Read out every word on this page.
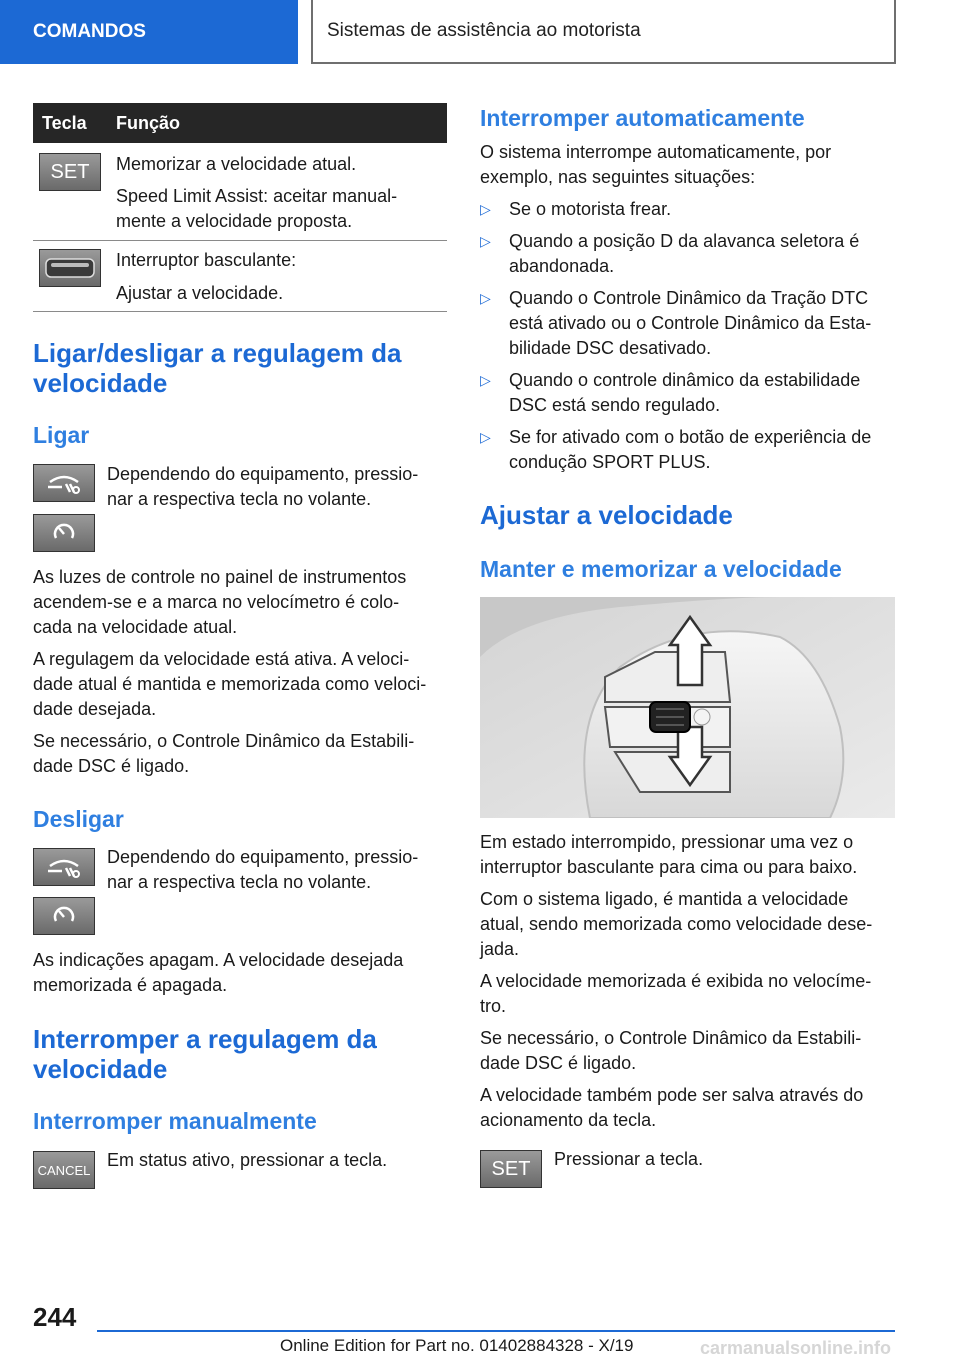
COMANDOS	Sistemas de assistência ao motorista
Tecla Função
SET Memorizar a velocidade atual.

Speed Limit Assist: aceitar manual-

mente a velocidade proposta.

Interruptor basculante:

Ajustar a velocidade.

Ligar/desligar a regulagem da
velocidade
Ligar

Dependendo do equipamento, pressio-

nar a respectiva tecla no volante.

As luzes de controle no painel de instrumentos

acendem-se e a marca no velocímetro é colo-

cada na velocidade atual.

A regulagem da velocidade está ativa. A veloci-

dade atual é mantida e memorizada como veloci-

dade desejada.

Se necessário, o Controle Dinâmico da Estabili-

dade DSC é ligado.

Desligar

Dependendo do equipamento, pressio-

nar a respectiva tecla no volante.

As indicações apagam. A velocidade desejada

memorizada é apagada.

Interromper a regulagem da
velocidade
Interromper manualmente
CANCEL Em status ativo, pressionar a tecla.

Interromper automaticamente

O sistema interrompe automaticamente, por

exemplo, nas seguintes situações:

▷ Se o motorista frear.

▷ Quando a posição D da alavanca seletora é

abandonada.

▷ Quando o Controle Dinâmico da Tração DTC

está ativado ou o Controle Dinâmico da Esta-

bilidade DSC desativado.

▷ Quando o controle dinâmico da estabilidade

DSC está sendo regulado.

▷ Se for ativado com o botão de experiência de

condução SPORT PLUS.

Ajustar a velocidade
Manter e memorizar a velocidade

Em estado interrompido, pressionar uma vez o

interruptor basculante para cima ou para baixo.

Com o sistema ligado, é mantida a velocidade

atual, sendo memorizada como velocidade dese-

jada.

A velocidade memorizada é exibida no velocíme-

tro.

Se necessário, o Controle Dinâmico da Estabili-

dade DSC é ligado.

A velocidade também pode ser salva através do

acionamento da tecla.

SET Pressionar a tecla.

244
Online Edition for Part no. 01402884328 - X/19	carmanualsonline.info
